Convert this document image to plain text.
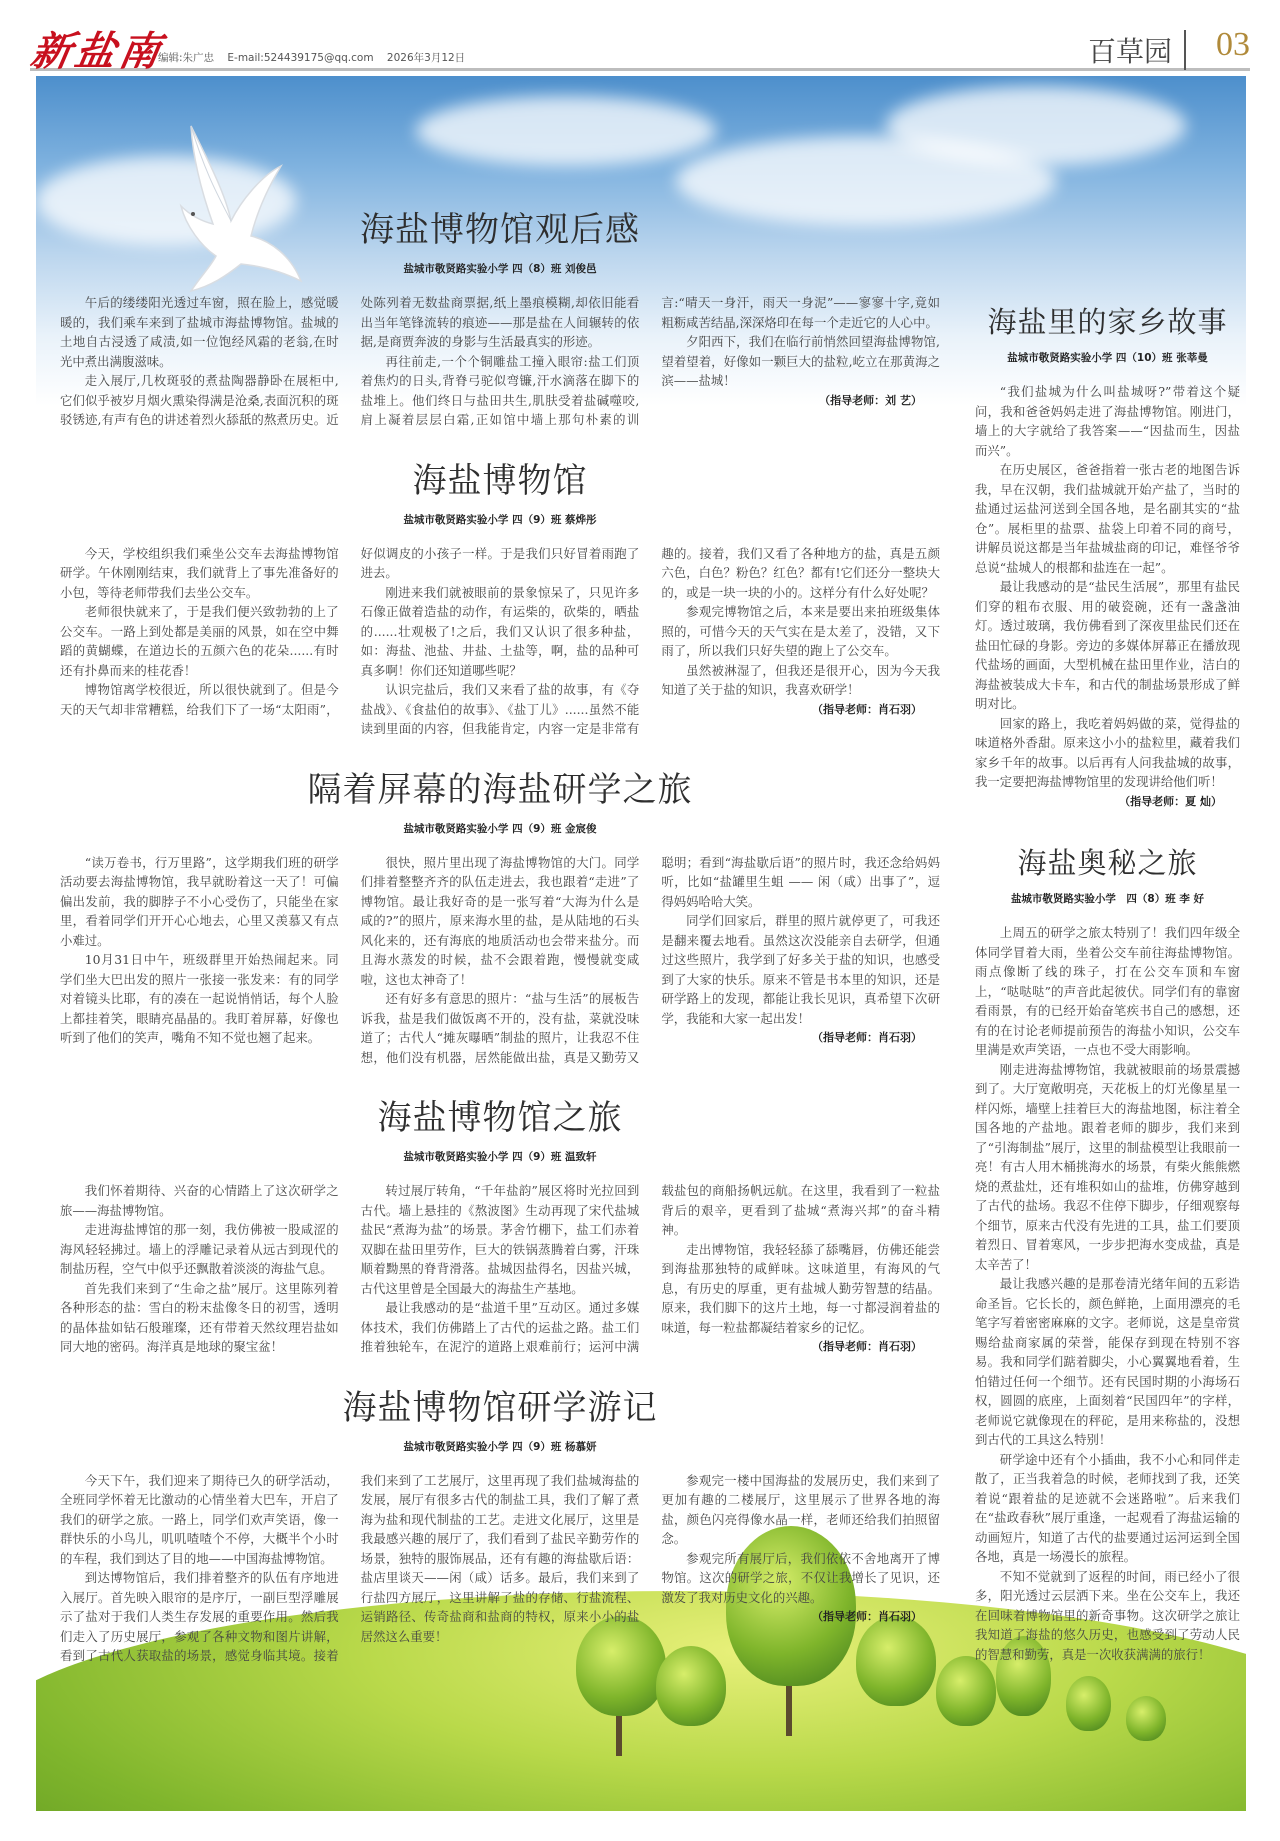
新盐南
编辑:朱广忠 E-mail:524439175@qq.com 2026年3月12日	百草园	03
海盐博物馆观后感
盐城市敬贤路实验小学 四（8）班 刘俊邑

午后的缕缕阳光透过车窗，照在脸上，感觉暖暖的，我们乘车来到了盐城市海盐博物馆。盐城的土地自古浸透了咸渍,如一位饱经风霜的老翁,在时光中煮出满腹滋味。

走入展厅,几枚斑驳的煮盐陶器静卧在展柜中,它们似乎被岁月烟火熏染得满是沧桑,表面沉积的斑驳锈迹,有声有色的讲述着烈火舔舐的熬煮历史。近处陈列着无数盐商票据,纸上墨痕模糊,却依旧能看出当年笔锋流转的痕迹——那是盐在人间辗转的依据,是商贾奔波的身影与生活最真实的形迹。

再往前走,一个个铜雕盐工撞入眼帘:盐工们顶着焦灼的日头,背脊弓驼似弯镰,汗水滴落在脚下的盐堆上。他们终日与盐田共生,肌肤受着盐碱噬咬,肩上凝着层层白霜,正如馆中墙上那句朴素的训言:“晴天一身汗，雨天一身泥”——寥寥十字,竟如粗粝咸苦结晶,深深烙印在每一个走近它的人心中。

夕阳西下，我们在临行前悄然回望海盐博物馆,望着望着，好像如一颗巨大的盐粒,屹立在那黄海之滨——盐城！

（指导老师：刘 艺）

海盐博物馆
盐城市敬贤路实验小学 四（9）班 蔡烨彤

今天，学校组织我们乘坐公交车去海盐博物馆研学。午休刚刚结束，我们就背上了事先准备好的小包，等待老师带我们去坐公交车。

老师很快就来了，于是我们便兴致勃勃的上了公交车。一路上到处都是美丽的风景，如在空中舞蹈的黄蝴蝶，在道边长的五颜六色的花朵......有时还有扑鼻而来的桂花香！

博物馆离学校很近，所以很快就到了。但是今天的天气却非常糟糕，给我们下了一场“太阳雨”，好似调皮的小孩子一样。于是我们只好冒着雨跑了进去。

刚进来我们就被眼前的景象惊呆了，只见许多石像正做着造盐的动作，有运柴的，砍柴的，晒盐的......壮观极了!之后，我们又认识了很多种盐，如：海盐、池盐、井盐、土盐等，啊，盐的品种可真多啊！你们还知道哪些呢？

认识完盐后，我们又来看了盐的故事，有《夺盐战》、《食盐伯的故事》、《盐丁儿》......虽然不能读到里面的内容，但我能肯定，内容一定是非常有趣的。接着，我们又看了各种地方的盐，真是五颜六色，白色？粉色？红色？都有!它们还分一整块大的，或是一块一块的小的。这样分有什么好处呢？

参观完博物馆之后，本来是要出来拍班级集体照的，可惜今天的天气实在是太差了，没错，又下雨了，所以我们只好失望的跑上了公交车。

虽然被淋湿了，但我还是很开心，因为今天我知道了关于盐的知识，我喜欢研学！

（指导老师：肖石羽）

隔着屏幕的海盐研学之旅
盐城市敬贤路实验小学 四（9）班 金宸俊

“读万卷书，行万里路”，这学期我们班的研学活动要去海盐博物馆，我早就盼着这一天了！可偏偏出发前，我的脚脖子不小心受伤了，只能坐在家里，看着同学们开开心心地去，心里又羡慕又有点小难过。

10月31日中午，班级群里开始热闹起来。同学们坐大巴出发的照片一张接一张发来：有的同学对着镜头比耶，有的凑在一起说悄悄话，每个人脸上都挂着笑，眼睛亮晶晶的。我盯着屏幕，好像也听到了他们的笑声，嘴角不知不觉也翘了起来。

很快，照片里出现了海盐博物馆的大门。同学们排着整整齐齐的队伍走进去，我也跟着“走进”了博物馆。最让我好奇的是一张写着“大海为什么是咸的?”的照片，原来海水里的盐，是从陆地的石头风化来的，还有海底的地质活动也会带来盐分。而且海水蒸发的时候，盐不会跟着跑，慢慢就变咸啦，这也太神奇了！

还有好多有意思的照片：“盐与生活”的展板告诉我，盐是我们做饭离不开的，没有盐，菜就没味道了；古代人“摊灰曝晒”制盐的照片，让我忍不住想，他们没有机器，居然能做出盐，真是又勤劳又聪明；看到“海盐歇后语”的照片时，我还念给妈妈听，比如“盐罐里生蛆 —— 闲（咸）出事了”，逗得妈妈哈哈大笑。

同学们回家后，群里的照片就停更了，可我还是翻来覆去地看。虽然这次没能亲自去研学，但通过这些照片，我学到了好多关于盐的知识，也感受到了大家的快乐。原来不管是书本里的知识，还是研学路上的发现，都能让我长见识，真希望下次研学，我能和大家一起出发！

（指导老师：肖石羽）

海盐博物馆之旅
盐城市敬贤路实验小学 四（9）班 温致轩

我们怀着期待、兴奋的心情踏上了这次研学之旅——海盐博物馆。

走进海盐博馆的那一刻，我仿佛被一股咸涩的海风轻轻拂过。墙上的浮雕记录着从远古到现代的制盐历程，空气中似乎还飘散着淡淡的海盐气息。

首先我们来到了“生命之盐”展厅。这里陈列着各种形态的盐：雪白的粉末盐像冬日的初雪，透明的晶体盐如钻石般璀璨，还有带着天然纹理岩盐如同大地的密码。海洋真是地球的聚宝盆！

转过展厅转角，“千年盐韵”展区将时光拉回到古代。墙上悬挂的《熬波图》生动再现了宋代盐城盐民“煮海为盐”的场景。茅舍竹棚下，盐工们赤着双脚在盐田里劳作，巨大的铁锅蒸腾着白雾，汗珠顺着黝黑的脊背滑落。盐城因盐得名，因盐兴城，古代这里曾是全国最大的海盐生产基地。

最让我感动的是“盐道千里”互动区。通过多媒体技术，我们仿佛踏上了古代的运盐之路。盐工们推着独轮车，在泥泞的道路上艰难前行；运河中满载盐包的商船扬帆远航。在这里，我看到了一粒盐背后的艰辛，更看到了盐城“煮海兴邦”的奋斗精神。

走出博物馆，我轻轻舔了舔嘴唇，仿佛还能尝到海盐那独特的咸鲜味。这味道里，有海风的气息，有历史的厚重，更有盐城人勤劳智慧的结晶。原来，我们脚下的这片土地，每一寸都浸润着盐的味道，每一粒盐都凝结着家乡的记忆。

（指导老师：肖石羽）

海盐博物馆研学游记
盐城市敬贤路实验小学 四（9）班 杨慕妍

今天下午，我们迎来了期待已久的研学活动，全班同学怀着无比激动的心情坐着大巴车，开启了我们的研学之旅。一路上，同学们欢声笑语，像一群快乐的小鸟儿，叽叽喳喳个不停，大概半个小时的车程，我们到达了目的地——中国海盐博物馆。

到达博物馆后，我们排着整齐的队伍有序地进入展厅。首先映入眼帘的是序厅，一副巨型浮雕展示了盐对于我们人类生存发展的重要作用。然后我们走入了历史展厅，参观了各种文物和图片讲解，看到了古代人获取盐的场景，感觉身临其境。接着我们来到了工艺展厅，这里再现了我们盐城海盐的发展，展厅有很多古代的制盐工具，我们了解了煮海为盐和现代制盐的工艺。走进文化展厅，这里是我最感兴趣的展厅了，我们看到了盐民辛勤劳作的场景，独特的服饰展品，还有有趣的海盐歇后语：盐店里谈天——闲（咸）话多。最后，我们来到了行盐四方展厅，这里讲解了盐的存储、行盐流程、运销路径、传奇盐商和盐商的特权，原来小小的盐居然这么重要！

参观完一楼中国海盐的发展历史，我们来到了更加有趣的二楼展厅，这里展示了世界各地的海盐，颜色闪亮得像水晶一样，老师还给我们拍照留念。

参观完所有展厅后，我们依依不舍地离开了博物馆。这次的研学之旅，不仅让我增长了见识，还激发了我对历史文化的兴趣。

（指导老师：肖石羽）

海盐里的家乡故事
盐城市敬贤路实验小学 四（10）班 张莘曼

“我们盐城为什么叫盐城呀?”带着这个疑问，我和爸爸妈妈走进了海盐博物馆。刚进门，墙上的大字就给了我答案——“因盐而生，因盐而兴”。

在历史展区，爸爸指着一张古老的地图告诉我，早在汉朝，我们盐城就开始产盐了，当时的盐通过运盐河送到全国各地，是名副其实的“盐仓”。展柜里的盐票、盐袋上印着不同的商号，讲解员说这都是当年盐城盐商的印记，难怪爷爷总说“盐城人的根都和盐连在一起”。

最让我感动的是“盐民生活展”，那里有盐民们穿的粗布衣服、用的破瓷碗，还有一盏盏油灯。透过玻璃，我仿佛看到了深夜里盐民们还在盐田忙碌的身影。旁边的多媒体屏幕正在播放现代盐场的画面，大型机械在盐田里作业，洁白的海盐被装成大卡车，和古代的制盐场景形成了鲜明对比。

回家的路上，我吃着妈妈做的菜，觉得盐的味道格外香甜。原来这小小的盐粒里，藏着我们家乡千年的故事。以后再有人问我盐城的故事，我一定要把海盐博物馆里的发现讲给他们听！

（指导老师：夏 灿）

海盐奥秘之旅
盐城市敬贤路实验小学　四（8）班 李 好

上周五的研学之旅太特别了！我们四年级全体同学冒着大雨，坐着公交车前往海盐博物馆。雨点像断了线的珠子，打在公交车顶和车窗上，“哒哒哒”的声音此起彼伏。同学们有的靠窗看雨景，有的已经开始奋笔疾书自己的感想，还有的在讨论老师提前预告的海盐小知识，公交车里满是欢声笑语，一点也不受大雨影响。

刚走进海盐博物馆，我就被眼前的场景震撼到了。大厅宽敞明亮，天花板上的灯光像星星一样闪烁，墙壁上挂着巨大的海盐地图，标注着全国各地的产盐地。跟着老师的脚步，我们来到了“引海制盐”展厅，这里的制盐模型让我眼前一亮！有古人用木桶挑海水的场景，有柴火熊熊燃烧的煮盐灶，还有堆积如山的盐堆，仿佛穿越到了古代的盐场。我忍不住停下脚步，仔细观察每个细节，原来古代没有先进的工具，盐工们要顶着烈日、冒着寒风，一步步把海水变成盐，真是太辛苦了！

最让我感兴趣的是那卷清光绪年间的五彩诰命圣旨。它长长的，颜色鲜艳，上面用漂亮的毛笔字写着密密麻麻的文字。老师说，这是皇帝赏赐给盐商家属的荣誉，能保存到现在特别不容易。我和同学们踮着脚尖，小心翼翼地看着，生怕错过任何一个细节。还有民国时期的小海场石权，圆圆的底座，上面刻着“民国四年”的字样，老师说它就像现在的秤砣，是用来称盐的，没想到古代的工具这么特别！

研学途中还有个小插曲，我不小心和同伴走散了，正当我着急的时候，老师找到了我，还笑着说“跟着盐的足迹就不会迷路啦”。后来我们在“盐政春秋”展厅重逢，一起观看了海盐运输的动画短片，知道了古代的盐要通过运河运到全国各地，真是一场漫长的旅程。

不知不觉就到了返程的时间，雨已经小了很多，阳光透过云层洒下来。坐在公交车上，我还在回味着博物馆里的新奇事物。这次研学之旅让我知道了海盐的悠久历史，也感受到了劳动人民的智慧和勤劳，真是一次收获满满的旅行！
